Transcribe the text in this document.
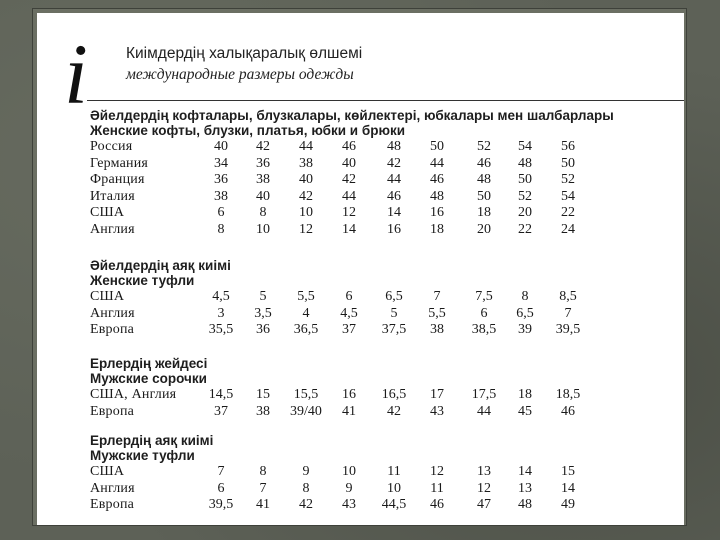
i Киімдердің халықаралық өлшемі
международные размеры одежды
Әйелдердің кофталары, блузкалары, көйлектері, юбкалары мен шалбарлары
Женские кофты, блузки, платья, юбки и брюки
Россия	40	42	44	46	48	50	52	54	56
Германия	34	36	38	40	42	44	46	48	50
Франция	36	38	40	42	44	46	48	50	52
Италия	38	40	42	44	46	48	50	52	54
США	6	8	10	12	14	16	18	20	22
Англия	8	10	12	14	16	18	20	22	24
Әйелдердің аяқ киімі
Женские туфли
США	4,5	5	5,5	6	6,5	7	7,5	8	8,5
Англия	3	3,5	4	4,5	5	5,5	6	6,5	7
Европа	35,5	36	36,5	37	37,5	38	38,5	39	39,5
Ерлердің жейдесі
Мужские сорочки
США, Англия	14,5	15	15,5	16	16,5	17	17,5	18	18,5
Европа	37	38	39/40	41	42	43	44	45	46
Ерлердің аяқ киімі
Мужские туфли
США	7	8	9	10	11	12	13	14	15
Англия	6	7	8	9	10	11	12	13	14
Европа	39,5	41	42	43	44,5	46	47	48	49
